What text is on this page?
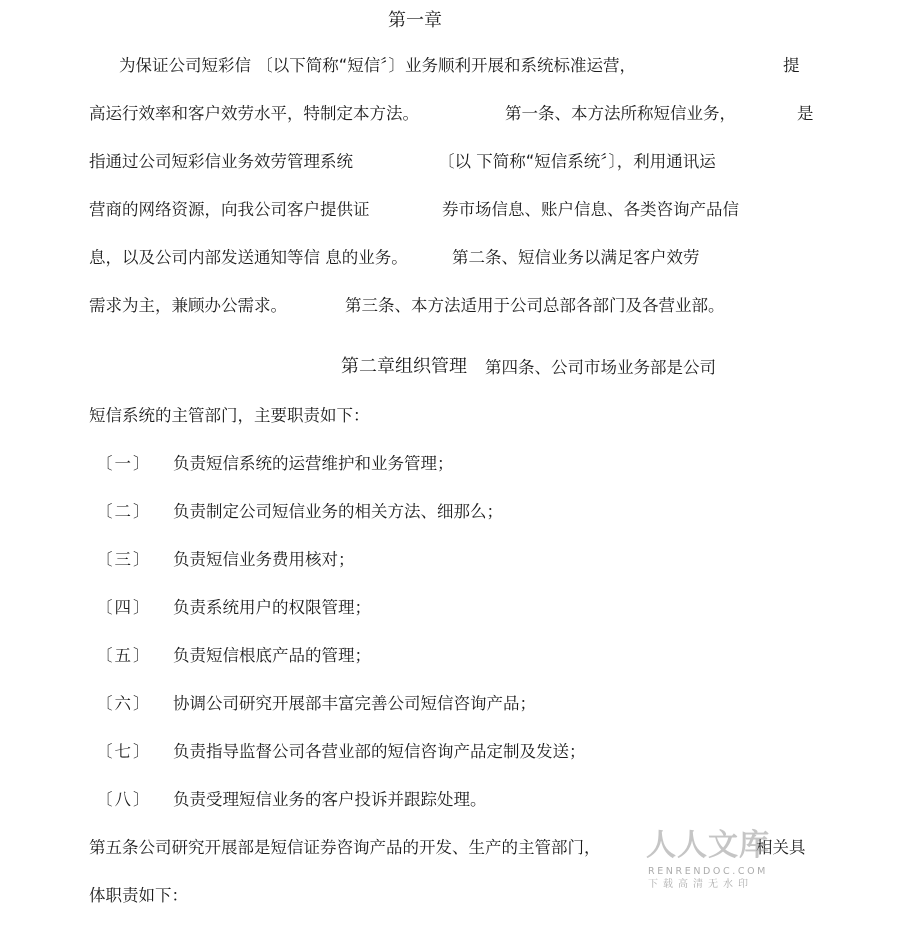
第一章
为保证公司短彩信 〔以下简称“短信〞〕业务顺利开展和系统标准运营，	提
高运行效率和客户效劳水平，特制定本方法。	第一条、本方法所称短信业务，	是
指通过公司短彩信业务效劳管理系统	〔以 下简称“短信系统〞〕，利用通讯运
营商的网络资源，向我公司客户提供证	券市场信息、账户信息、各类咨询产品信
息，以及公司内部发送通知等信 息的业务。	第二条、短信业务以满足客户效劳
需求为主，兼顾办公需求。	第三条、本方法适用于公司总部各部门及各营业部。
第二章组织管理 第四条、公司市场业务部是公司
短信系统的主管部门，主要职责如下：
〔一〕 负责短信系统的运营维护和业务管理；
〔二〕 负责制定公司短信业务的相关方法、细那么；
〔三〕 负责短信业务费用核对；
〔四〕 负责系统用户的权限管理；
〔五〕 负责短信根底产品的管理；
〔六〕 协调公司研究开展部丰富完善公司短信咨询产品；
〔七〕 负责指导监督公司各营业部的短信咨询产品定制及发送；
〔八〕 负责受理短信业务的客户投诉并跟踪处理。
第五条公司研究开展部是短信证券咨询产品的开发、生产的主管部门，	相关具
体职责如下：
人人文库
RENRENDOC.COM
下载高清无水印
